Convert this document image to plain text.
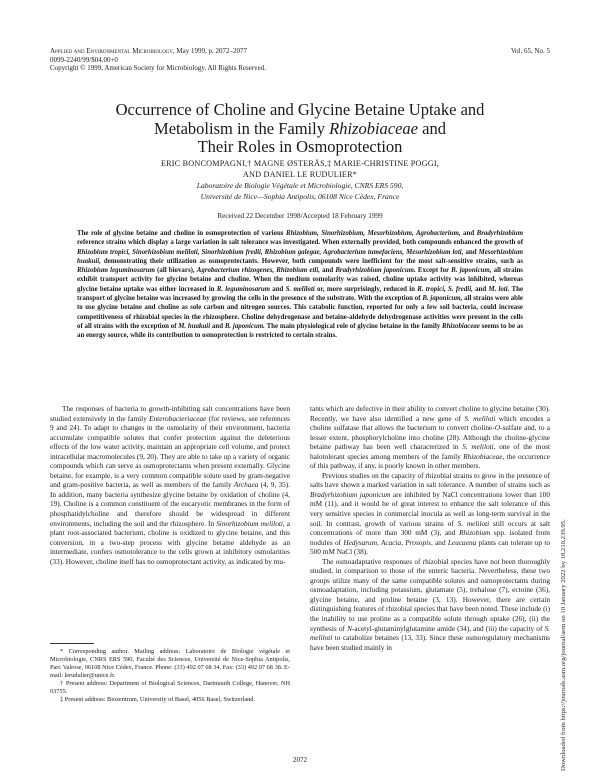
Applied and Environmental Microbiology, May 1999, p. 2072–2077
0099-2240/99/$04.00+0
Copyright © 1999, American Society for Microbiology. All Rights Reserved.
Vol. 65, No. 5
Occurrence of Choline and Glycine Betaine Uptake and
Metabolism in the Family Rhizobiaceae and
Their Roles in Osmoprotection
ERIC BONCOMPAGNI,† MAGNE ØSTERÅS,‡ MARIE-CHRISTINE POGGI,
AND DANIEL LE RUDULIER*
Laboratoire de Biologie Végétale et Microbiologie, CNRS ERS 590,
Université de Nice—Sophia Antipolis, 06108 Nice Cédex, France
Received 22 December 1998/Accepted 18 February 1999
The role of glycine betaine and choline in osmoprotection of various Rhizobium, Sinorhizobium, Mesorhizobium, Agrobacterium, and Bradyrhizobium reference strains which display a large variation in salt tolerance was investigated. When externally provided, both compounds enhanced the growth of Rhizobium tropici, Sinorhizobium meliloti, Sinorhizobium fredii, Rhizobium galegae, Agrobacterium tumefaciens, Mesorhizobium loti, and Mesorhizobium huakuii, demonstrating their utilization as osmoprotectants. However, both compounds were inefficient for the most salt-sensitive strains, such as Rhizobium leguminosarum (all biovars), Agrobacterium rhizogenes, Rhizobium etli, and Bradyrhizobium japonicum. Except for B. japonicum, all strains exhibit transport activity for glycine betaine and choline. When the medium osmolarity was raised, choline uptake activity was inhibited, whereas glycine betaine uptake was either increased in R. leguminosarum and S. meliloti or, more surprisingly, reduced in R. tropici, S. fredii, and M. loti. The transport of glycine betaine was increased by growing the cells in the presence of the substrate. With the exception of B. japonicum, all strains were able to use glycine betaine and choline as sole carbon and nitrogen sources. This catabolic function, reported for only a few soil bacteria, could increase competitiveness of rhizobial species in the rhizosphere. Choline dehydrogenase and betaine-aldehyde dehydrogenase activities were present in the cells of all strains with the exception of M. huakuii and B. japonicum. The main physiological role of glycine betaine in the family Rhizobiaceae seems to be as an energy source, while its contribution to osmoprotection is restricted to certain strains.

The responses of bacteria to growth-inhibiting salt concentrations have been studied extensively in the family Enterobacteriaceae (for reviews, see references 9 and 24). To adapt to changes in the osmolarity of their environment, bacteria accumulate compatible solutes that confer protection against the deleterious effects of the low water activity, maintain an appropriate cell volume, and protect intracellular macromolecules (9, 20). They are able to take up a variety of organic compounds which can serve as osmoprotectants when present externally. Glycine betaine, for example, is a very common compatible solute used by gram-negative and gram-positive bacteria, as well as members of the family Archaea (4, 9, 35). In addition, many bacteria synthesize glycine betaine by oxidation of choline (4, 19). Choline is a common constituent of the eucaryotic membranes in the form of phosphatidylcholine and therefore should be widespread in different environments, including the soil and the rhizosphere. In Sinorhizobium meliloti, a plant root-associated bacterium, choline is oxidized to glycine betaine, and this conversion, in a two-step process with glycine betaine aldehyde as an intermediate, confers osmotolerance to the cells grown at inhibitory osmolarities (33). However, choline itself has no osmoprotectant activity, as indicated by mu-

tants which are defective in their ability to convert choline to glycine betaine (30). Recently, we have also identified a new gene of S. meliloti which encodes a choline sulfatase that allows the bacterium to convert choline-O-sulfate and, to a lesser extent, phosphorylcholine into choline (28). Although the choline-glycine betaine pathway has been well characterized in S. meliloti, one of the most halotolerant species among members of the family Rhizobiaceae, the occurrence of this pathway, if any, is poorly known in other members.

Previous studies on the capacity of rhizobial strains to grow in the presence of salts have shown a marked variation in salt tolerance. A number of strains such as Bradyrhizobium japonicum are inhibited by NaCl concentrations lower than 100 mM (11), and it would be of great interest to enhance the salt tolerance of this very sensitive species in commercial inocula as well as long-term survival in the soil. In contrast, growth of various strains of S. meliloti still occurs at salt concentrations of more than 300 mM (3), and Rhizobium spp. isolated from nodules of Hedysarum, Acacia, Prosopis, and Leucaena plants can tolerate up to 500 mM NaCl (38).

The osmoadaptative responses of rhizobial species have not been thoroughly studied, in comparison to those of the enteric bacteria. Nevertheless, these two groups utilize many of the same compatible solutes and osmoprotectants during osmoadaptation, including potassium, glutamate (5), trehalose (7), ectoine (36), glycine betaine, and proline betaine (3, 13). However, there are certain distinguishing features of rhizobial species that have been noted. These include (i) the inability to use proline as a compatible solute through uptake (26), (ii) the synthesis of N-acetyl-glutaminylglutamine amide (34), and (iii) the capacity of S. meliloti to catabolize betaines (13, 33). Since these osmoregulatory mechanisms have been studied mainly in

* Corresponding author. Mailing address: Laboratoire de Biologie végétale et Microbiologie, CNRS ERS 590, Faculté des Sciences, Université de Nice-Sophia Antipolis, Parc Valrose, 06108 Nice Cédex, France. Phone: (33) 492 07 68 34. Fax: (33) 492 07 68 38. E-mail: lerudulier@unice.fr.

† Present address: Department of Biological Sciences, Dartmouth College, Hanover, NH 03755.

‡ Present address: Biozentrum, University of Basel, 4056 Basel, Switzerland.

2072	Downloaded from https://journals.asm.org/journal/aem on 10 January 2022 by 18.210.239.95.
